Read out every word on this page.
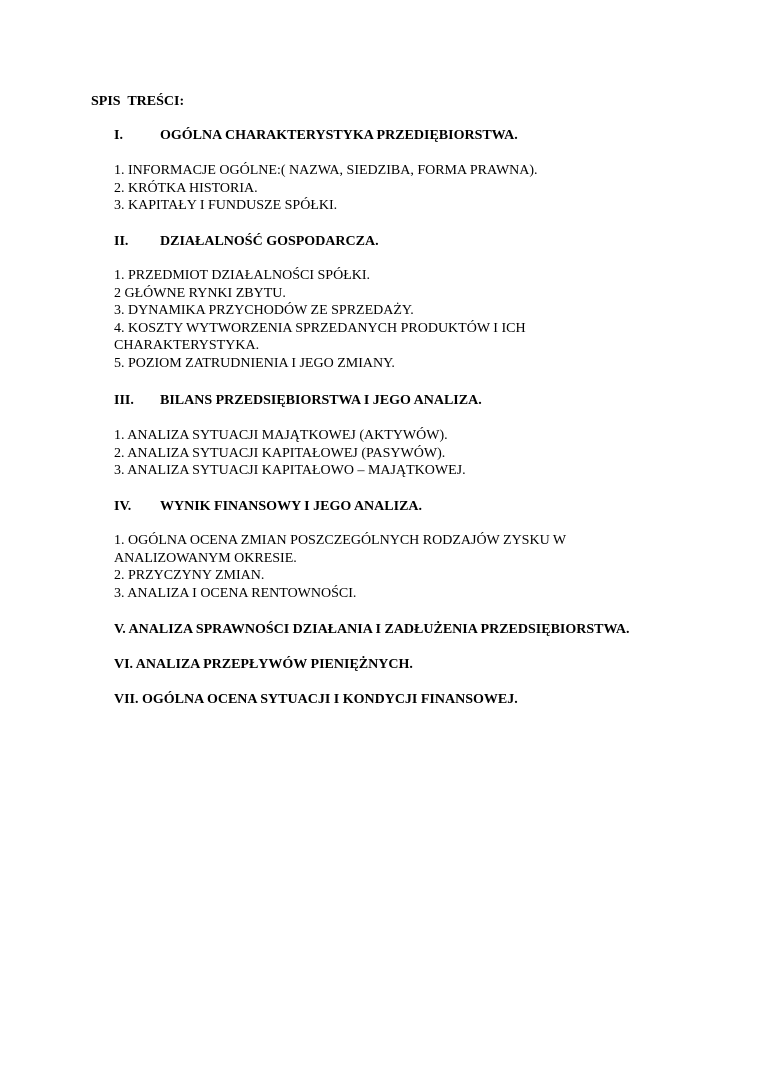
SPIS  TREŚCI:
I.	OGÓLNA CHARAKTERYSTYKA PRZEDIĘBIORSTWA.
1. INFORMACJE OGÓLNE:( NAZWA, SIEDZIBA, FORMA PRAWNA).
2. KRÓTKA HISTORIA.
3. KAPITAŁY I FUNDUSZE SPÓŁKI.
II. DZIAŁALNOŚĆ GOSPODARCZA.
1. PRZEDMIOT DZIAŁALNOŚCI SPÓŁKI.
2 GŁÓWNE RYNKI ZBYTU.
3. DYNAMIKA PRZYCHODÓW ZE SPRZEDAŻY.
4. KOSZTY WYTWORZENIA SPRZEDANYCH PRODUKTÓW I ICH CHARAKTERYSTYKA.
5. POZIOM ZATRUDNIENIA I JEGO ZMIANY.
III. BILANS PRZEDSIĘBIORSTWA I JEGO ANALIZA.
1. ANALIZA SYTUACJI MAJĄTKOWEJ (AKTYWÓW).
2. ANALIZA SYTUACJI KAPITAŁOWEJ (PASYWÓW).
3. ANALIZA SYTUACJI KAPITAŁOWO – MAJĄTKOWEJ.
IV. WYNIK FINANSOWY I JEGO ANALIZA.
1. OGÓLNA OCENA ZMIAN POSZCZEGÓLNYCH RODZAJÓW ZYSKU W ANALIZOWANYM OKRESIE.
2. PRZYCZYNY ZMIAN.
3. ANALIZA I OCENA RENTOWNOŚCI.
V. ANALIZA SPRAWNOŚCI DZIAŁANIA I ZADŁUŻENIA PRZEDSIĘBIORSTWA.
VI. ANALIZA PRZEPŁYWÓW PIENIĘŻNYCH.
VII. OGÓLNA OCENA SYTUACJI I KONDYCJI FINANSOWEJ.
